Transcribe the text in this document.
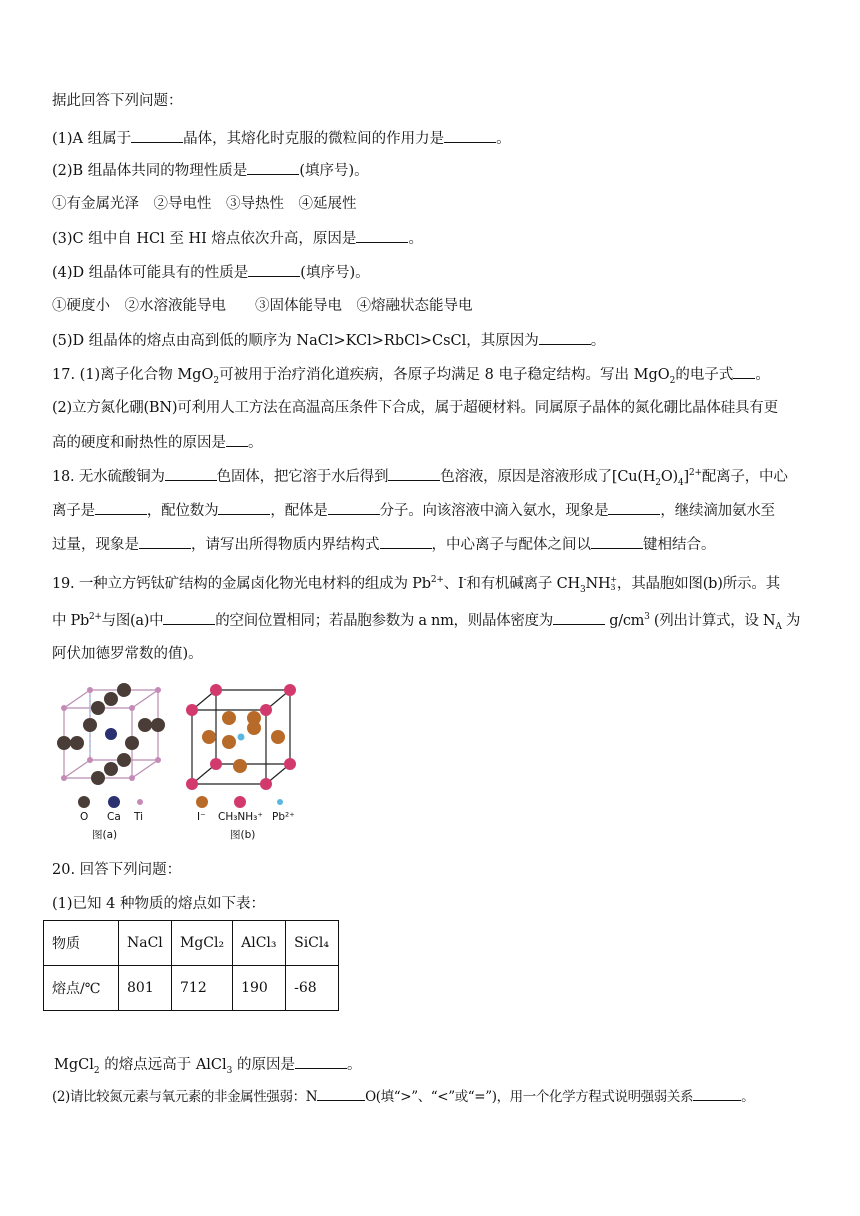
据此回答下列问题：
(1)A 组属于	晶体，其熔化时克服的微粒间的作用力是	。
(2)B 组晶体共同的物理性质是	(填序号)。
①有金属光泽　②导电性　③导热性　④延展性
(3)C 组中自 HCl 至 HI 熔点依次升高，原因是	。
(4)D 组晶体可能具有的性质是	(填序号)。
①硬度小　②水溶液能导电　　③固体能导电　④熔融状态能导电
(5)D 组晶体的熔点由高到低的顺序为 NaCl>KCl>RbCl>CsCl，其原因为	。
17. (1)离子化合物 MgO$_2$可被用于治疗消化道疾病，各原子均满足 8 电子稳定结构。写出 MgO$_2$的电子式 。
(2)立方氮化硼(BN)可利用人工方法在高温高压条件下合成，属于超硬材料。同属原子晶体的氮化硼比晶体硅具有更
高的硬度和耐热性的原因是 。
18. 无水硫酸铜为	色固体，把它溶于水后得到	色溶液，原因是溶液形成了$[Cu(H_2O)_4]^{2+}$配离子，中心
离子是	，配位数为	，配体是	分子。向该溶液中滴入氨水，现象是	，继续滴加氨水至
过量，现象是	，请写出所得物质内界结构式	，中心离子与配体之间以	键相结合。
19. 一种立方钙钛矿结构的金属卤化物光电材料的组成为 $Pb^{2+}$、I-和有机碱离子 $CH_3NH+$
3 ，其晶胞如图(b)所示。其
中 $Pb^{2+}$与图(a)中	的空间位置相同；若晶胞参数为 a nm，则晶体密度为	$g/cm^3$ (列出计算式，设 $N_A$ 为
阿伏加德罗常数的值)。
O Ca Ti
图(a)
I⁻ CH₃NH₃⁺ Pb²⁺
图(b)
20. 回答下列问题：
(1)已知 4 种物质的熔点如下表：
物质	NaCl	MgCl₂	AlCl₃	SiCl₄
熔点/℃	801	712	190	-68
MgCl$_2$ 的熔点远高于 AlCl$_3$ 的原因是	。
(2)请比较氮元素与氧元素的非金属性强弱：N	O(填“>”、“<”或“=”)，用一个化学方程式说明强弱关系	。
